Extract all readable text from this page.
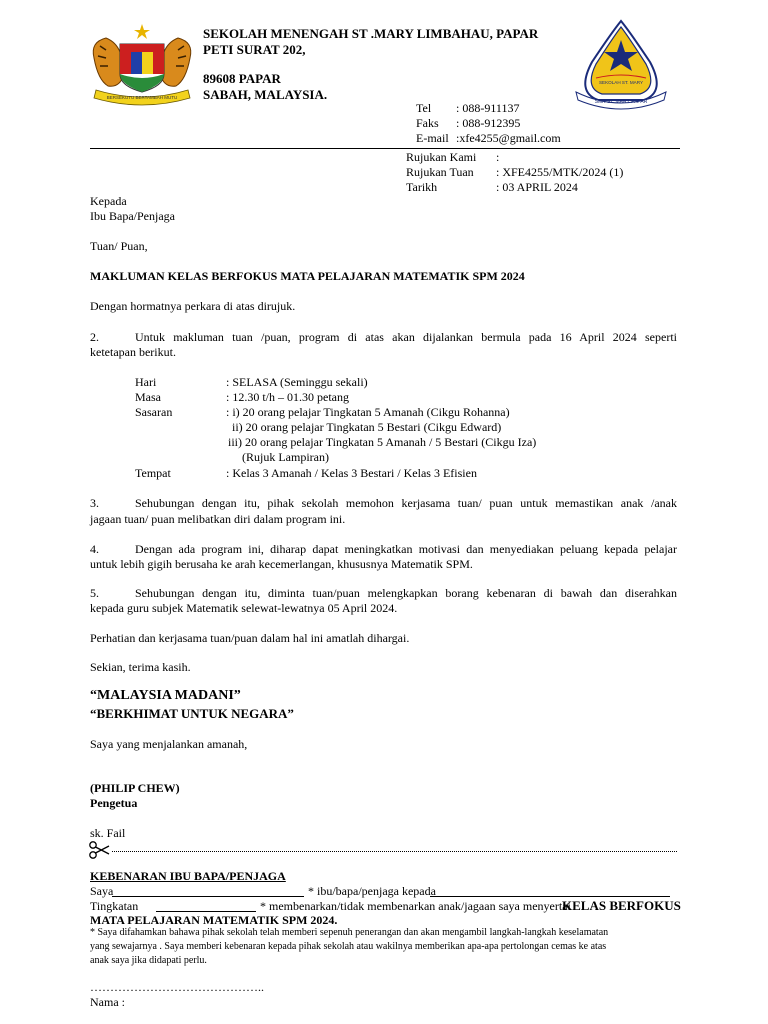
BERSEKUTU BERTAMBAH MUTU
SEKOLAH MENENGAH ST .MARY LIMBAHAU, PAPAR
PETI SURAT 202,
89608 PAPAR
SABAH, MALAYSIA.
Tel : 088-911137
Faks : 088-912395
E-mail :xfe4255@gmail.com
SEKOLAH ST. MARY
SMK ST. MARY PAPAR
Rujukan Kami :
Rujukan Tuan : XFE4255/MTK/2024 (1)
Tarikh	: 03 APRIL 2024
Kepada
Ibu Bapa/Penjaga
Tuan/ Puan,
MAKLUMAN KELAS BERFOKUS MATA PELAJARAN MATEMATIK SPM 2024
Dengan hormatnya perkara di atas dirujuk.
2.	Untuk makluman tuan /puan, program di atas akan dijalankan bermula pada 16 April 2024 seperti
ketetapan berikut.
Hari	: SELASA (Seminggu sekali)
Masa	: 12.30 t/h – 01.30 petang
Sasaran	: i) 20 orang pelajar Tingkatan 5 Amanah (Cikgu Rohanna)
ii) 20 orang pelajar Tingkatan 5 Bestari (Cikgu Edward)
iii) 20 orang pelajar Tingkatan 5 Amanah / 5 Bestari (Cikgu Iza)
(Rujuk Lampiran)
Tempat	: Kelas 3 Amanah / Kelas 3 Bestari / Kelas 3 Efisien
3.	Sehubungan dengan itu, pihak sekolah memohon kerjasama tuan/ puan untuk memastikan anak /anak
jagaan tuan/ puan melibatkan diri dalam program ini.
4.	Dengan ada program ini, diharap dapat meningkatkan motivasi dan menyediakan peluang kepada pelajar
untuk lebih gigih berusaha ke arah kecemerlangan, khususnya Matematik SPM.
5.	Sehubungan dengan itu, diminta tuan/puan melengkapkan borang kebenaran di bawah dan diserahkan
kepada guru subjek Matematik selewat-lewatnya 05 April 2024.
Perhatian dan kerjasama tuan/puan dalam hal ini amatlah dihargai.
Sekian, terima kasih.
“MALAYSIA MADANI”
“BERKHIMAT UNTUK NEGARA”
Saya yang menjalankan amanah,
(PHILIP CHEW)
Pengetua
sk. Fail
KEBENARAN IBU BAPA/PENJAGA
Saya	* ibu/bapa/penjaga kepada
Tingkatan	* membenarkan/tidak membenarkan anak/jagaan saya menyertai
KELAS BERFOKUS
MATA PELAJARAN MATEMATIK SPM 2024.
* Saya difahamkan bahawa pihak sekolah telah memberi sepenuh penerangan dan akan mengambil langkah-langkah keselamatan
yang sewajarnya . Saya memberi kebenaran kepada pihak sekolah atau wakilnya memberikan apa-apa pertolongan cemas ke atas
anak saya jika didapati perlu.
……………………………………..
Nama :
